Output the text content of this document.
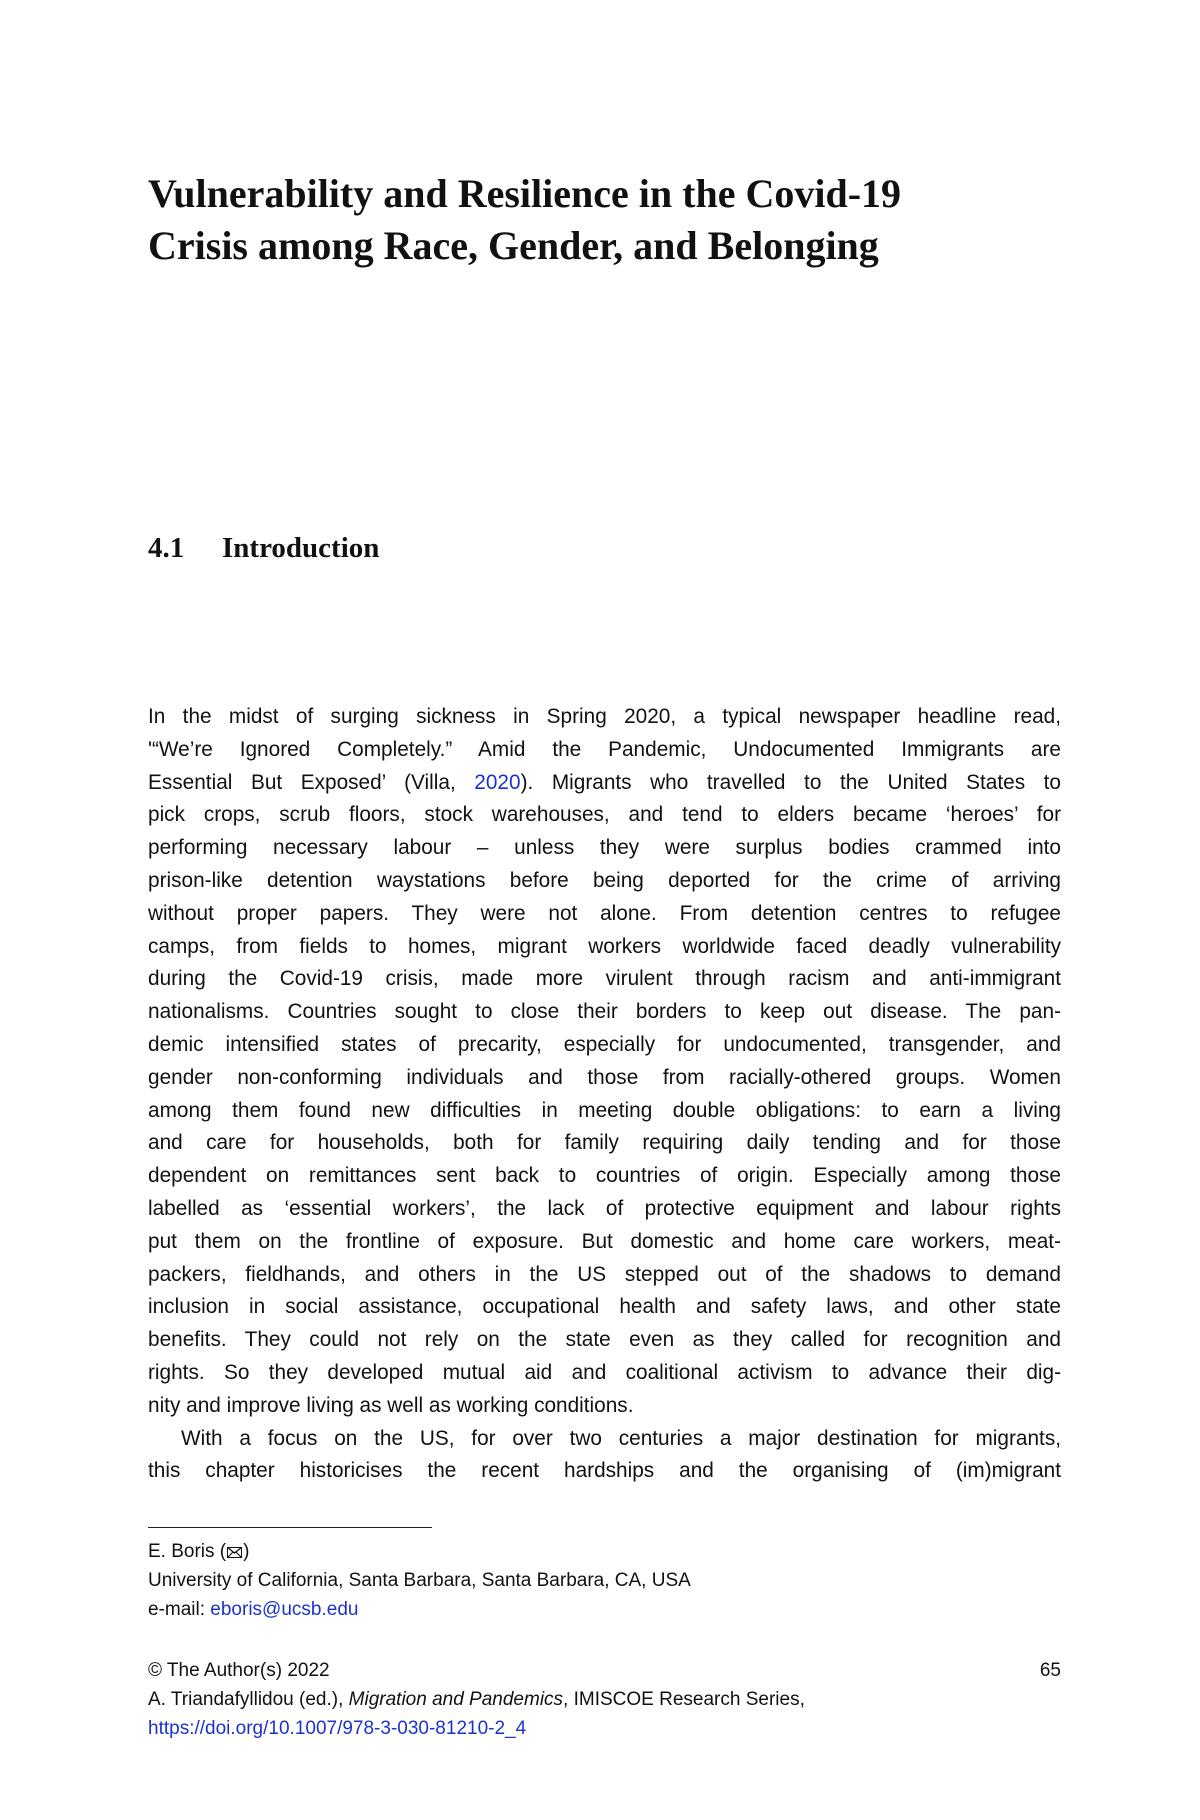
Vulnerability and Resilience in the Covid-19
Crisis among Race, Gender, and Belonging
4.1 Introduction
In the midst of surging sickness in Spring 2020, a typical newspaper headline read,
'“We’re Ignored Completely.” Amid the Pandemic, Undocumented Immigrants are
Essential But Exposed’ (Villa, 2020). Migrants who travelled to the United States to
pick crops, scrub floors, stock warehouses, and tend to elders became ‘heroes’ for
performing necessary labour – unless they were surplus bodies crammed into
prison-like detention waystations before being deported for the crime of arriving
without proper papers. They were not alone. From detention centres to refugee
camps, from fields to homes, migrant workers worldwide faced deadly vulnerability
during the Covid-19 crisis, made more virulent through racism and anti-immigrant
nationalisms. Countries sought to close their borders to keep out disease. The pan-
demic intensified states of precarity, especially for undocumented, transgender, and
gender non-conforming individuals and those from racially-othered groups. Women
among them found new difficulties in meeting double obligations: to earn a living
and care for households, both for family requiring daily tending and for those
dependent on remittances sent back to countries of origin. Especially among those
labelled as ‘essential workers’, the lack of protective equipment and labour rights
put them on the frontline of exposure. But domestic and home care workers, meat-
packers, fieldhands, and others in the US stepped out of the shadows to demand
inclusion in social assistance, occupational health and safety laws, and other state
benefits. They could not rely on the state even as they called for recognition and
rights. So they developed mutual aid and coalitional activism to advance their dig-
nity and improve living as well as working conditions.
With a focus on the US, for over two centuries a major destination for migrants,
this chapter historicises the recent hardships and the organising of (im)migrant
E. Boris ( )
University of California, Santa Barbara, Santa Barbara, CA, USA
e-mail: eboris@ucsb.edu
© The Author(s) 2022	65
A. Triandafyllidou (ed.), Migration and Pandemics, IMISCOE Research Series,
https://doi.org/10.1007/978-3-030-81210-2_4
